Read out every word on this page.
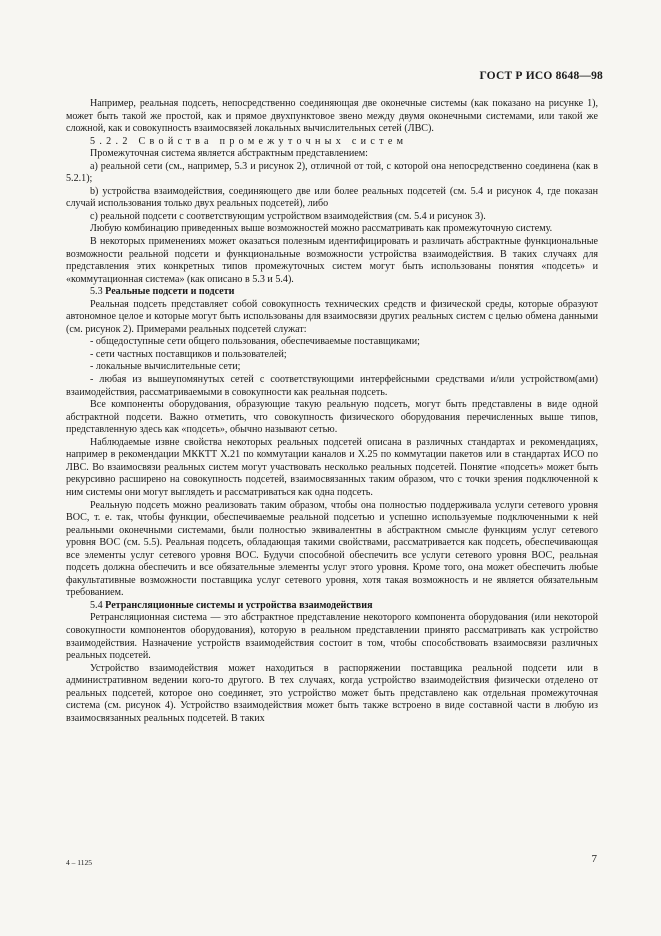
ГОСТ Р ИСО 8648—98

Например, реальная подсеть, непосредственно соединяющая две оконечные системы (как показано на рисунке 1), может быть такой же простой, как и прямое двухпунктовое звено между двумя оконечными системами, или такой же сложной, как и совокупность взаимосвязей локальных вычислительных сетей (ЛВС).

5.2.2 Свойства промежуточных систем

Промежуточная система является абстрактным представлением:

a) реальной сети (см., например, 5.3 и рисунок 2), отличной от той, с которой она непосредственно соединена (как в 5.2.1);

b) устройства взаимодействия, соединяющего две или более реальных подсетей (см. 5.4 и рисунок 4, где показан случай использования только двух реальных подсетей), либо

c) реальной подсети с соответствующим устройством взаимодействия (см. 5.4 и рисунок 3).

Любую комбинацию приведенных выше возможностей можно рассматривать как промежуточную систему.

В некоторых применениях может оказаться полезным идентифицировать и различать абстрактные функциональные возможности реальной подсети и функциональные возможности устройства взаимодействия. В таких случаях для представления этих конкретных типов промежуточных систем могут быть использованы понятия «подсеть» и «коммутационная система» (как описано в 5.3 и 5.4).

5.3 Реальные подсети и подсети

Реальная подсеть представляет собой совокупность технических средств и физической среды, которые образуют автономное целое и которые могут быть использованы для взаимосвязи других реальных систем с целью обмена данными (см. рисунок 2). Примерами реальных подсетей служат:

- общедоступные сети общего пользования, обеспечиваемые поставщиками;

- сети частных поставщиков и пользователей;

- локальные вычислительные сети;

- любая из вышеупомянутых сетей с соответствующими интерфейсными средствами и/или устройством(ами) взаимодействия, рассматриваемыми в совокупности как реальная подсеть.

Все компоненты оборудования, образующие такую реальную подсеть, могут быть представлены в виде одной абстрактной подсети. Важно отметить, что совокупность физического оборудования перечисленных выше типов, представленную здесь как «подсеть», обычно называют сетью.

Наблюдаемые извне свойства некоторых реальных подсетей описана в различных стандартах и рекомендациях, например в рекомендации МККТТ Х.21 по коммутации каналов и Х.25 по коммутации пакетов или в стандартах ИСО по ЛВС. Во взаимосвязи реальных систем могут участвовать несколько реальных подсетей. Понятие «подсеть» может быть рекурсивно расширено на совокупность подсетей, взаимосвязанных таким образом, что с точки зрения подключенной к ним системы они могут выглядеть и рассматриваться как одна подсеть.

Реальную подсеть можно реализовать таким образом, чтобы она полностью поддерживала услуги сетевого уровня ВОС, т. е. так, чтобы функции, обеспечиваемые реальной подсетью и успешно используемые подключенными к ней реальными оконечными системами, были полностью эквивалентны в абстрактном смысле функциям услуг сетевого уровня ВОС (см. 5.5). Реальная подсеть, обладающая такими свойствами, рассматривается как подсеть, обеспечивающая все элементы услуг сетевого уровня ВОС. Будучи способной обеспечить все услуги сетевого уровня ВОС, реальная подсеть должна обеспечить и все обязательные элементы услуг этого уровня. Кроме того, она может обеспечить любые факультативные возможности поставщика услуг сетевого уровня, хотя такая возможность и не является обязательным требованием.

5.4 Ретрансляционные системы и устройства взаимодействия

Ретрансляционная система — это абстрактное представление некоторого компонента оборудования (или некоторой совокупности компонентов оборудования), которую в реальном представлении принято рассматривать как устройство взаимодействия. Назначение устройств взаимодействия состоит в том, чтобы способствовать взаимосвязи различных реальных подсетей.

Устройство взаимодействия может находиться в распоряжении поставщика реальной подсети или в административном ведении кого-то другого. В тех случаях, когда устройство взаимодействия физически отделено от реальных подсетей, которое оно соединяет, это устройство может быть представлено как отдельная промежуточная система (см. рисунок 4). Устройство взаимодействия может быть также встроено в виде составной части в любую из взаимосвязанных реальных подсетей. В таких

4 – 1125	7
